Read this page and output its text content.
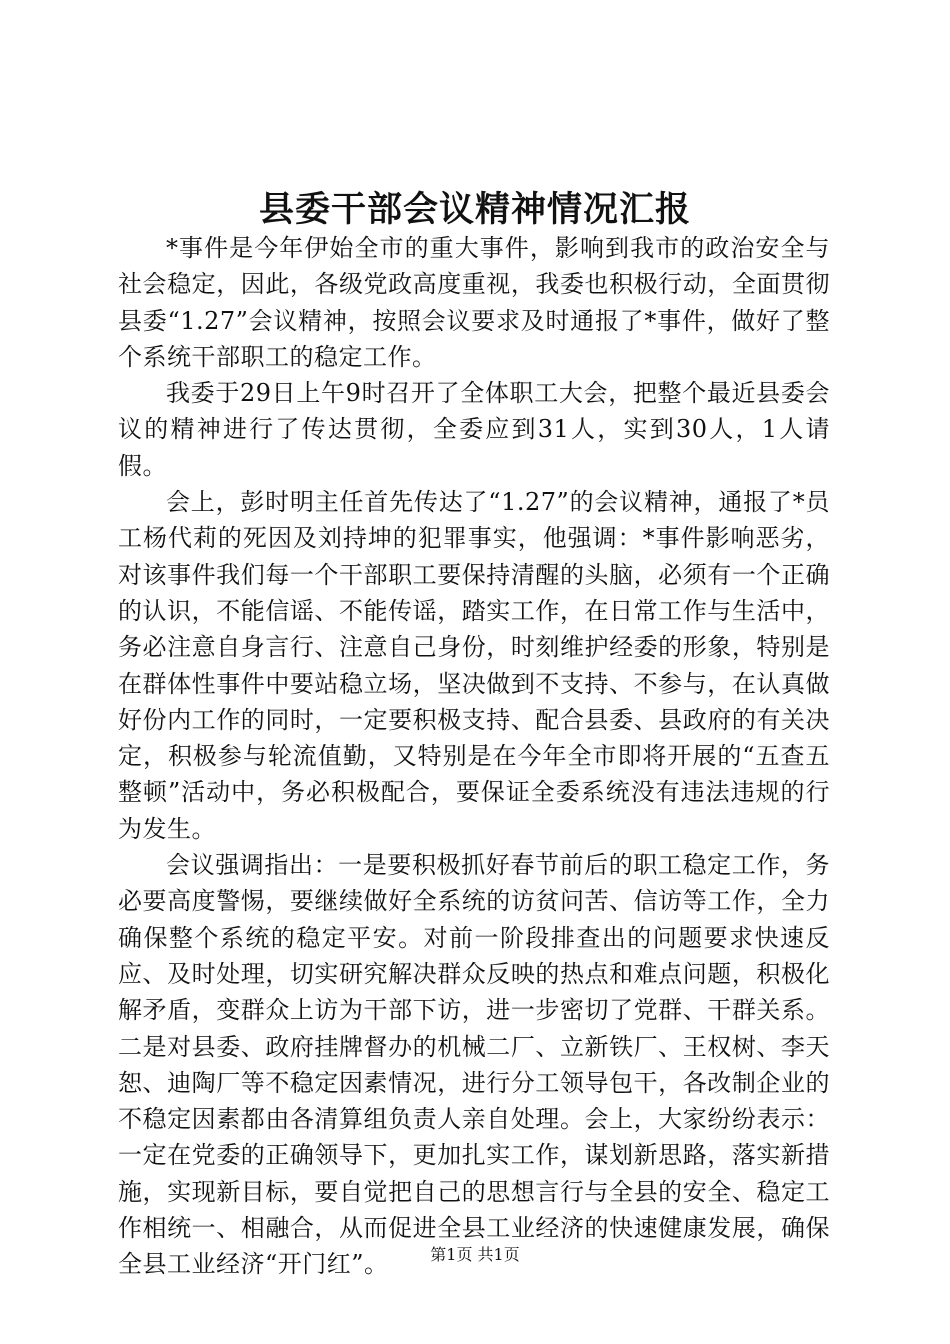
县委干部会议精神情况汇报

*事件是今年伊始全市的重大事件，影响到我市的政治安全与社会稳定，因此，各级党政高度重视，我委也积极行动，全面贯彻县委“1.27”会议精神，按照会议要求及时通报了*事件，做好了整个系统干部职工的稳定工作。

我委于29日上午9时召开了全体职工大会，把整个最近县委会议的精神进行了传达贯彻，全委应到31人，实到30人，1人请假。

会上，彭时明主任首先传达了“1.27”的会议精神，通报了*员工杨代莉的死因及刘持坤的犯罪事实，他强调：*事件影响恶劣，对该事件我们每一个干部职工要保持清醒的头脑，必须有一个正确的认识，不能信谣、不能传谣，踏实工作，在日常工作与生活中，务必注意自身言行、注意自己身份，时刻维护经委的形象，特别是在群体性事件中要站稳立场，坚决做到不支持、不参与，在认真做好份内工作的同时，一定要积极支持、配合县委、县政府的有关决定，积极参与轮流值勤，又特别是在今年全市即将开展的“五查五整顿”活动中，务必积极配合，要保证全委系统没有违法违规的行为发生。

会议强调指出：一是要积极抓好春节前后的职工稳定工作，务必要高度警惕，要继续做好全系统的访贫问苦、信访等工作，全力确保整个系统的稳定平安。对前一阶段排查出的问题要求快速反应、及时处理，切实研究解决群众反映的热点和难点问题，积极化解矛盾，变群众上访为干部下访，进一步密切了党群、干群关系。二是对县委、政府挂牌督办的机械二厂、立新铁厂、王权树、李天恕、迪陶厂等不稳定因素情况，进行分工领导包干，各改制企业的不稳定因素都由各清算组负责人亲自处理。会上，大家纷纷表示：一定在党委的正确领导下，更加扎实工作，谋划新思路，落实新措施，实现新目标，要自觉把自己的思想言行与全县的安全、稳定工作相统一、相融合，从而促进全县工业经济的快速健康发展，确保全县工业经济“开门红”。	第1页 共1页
